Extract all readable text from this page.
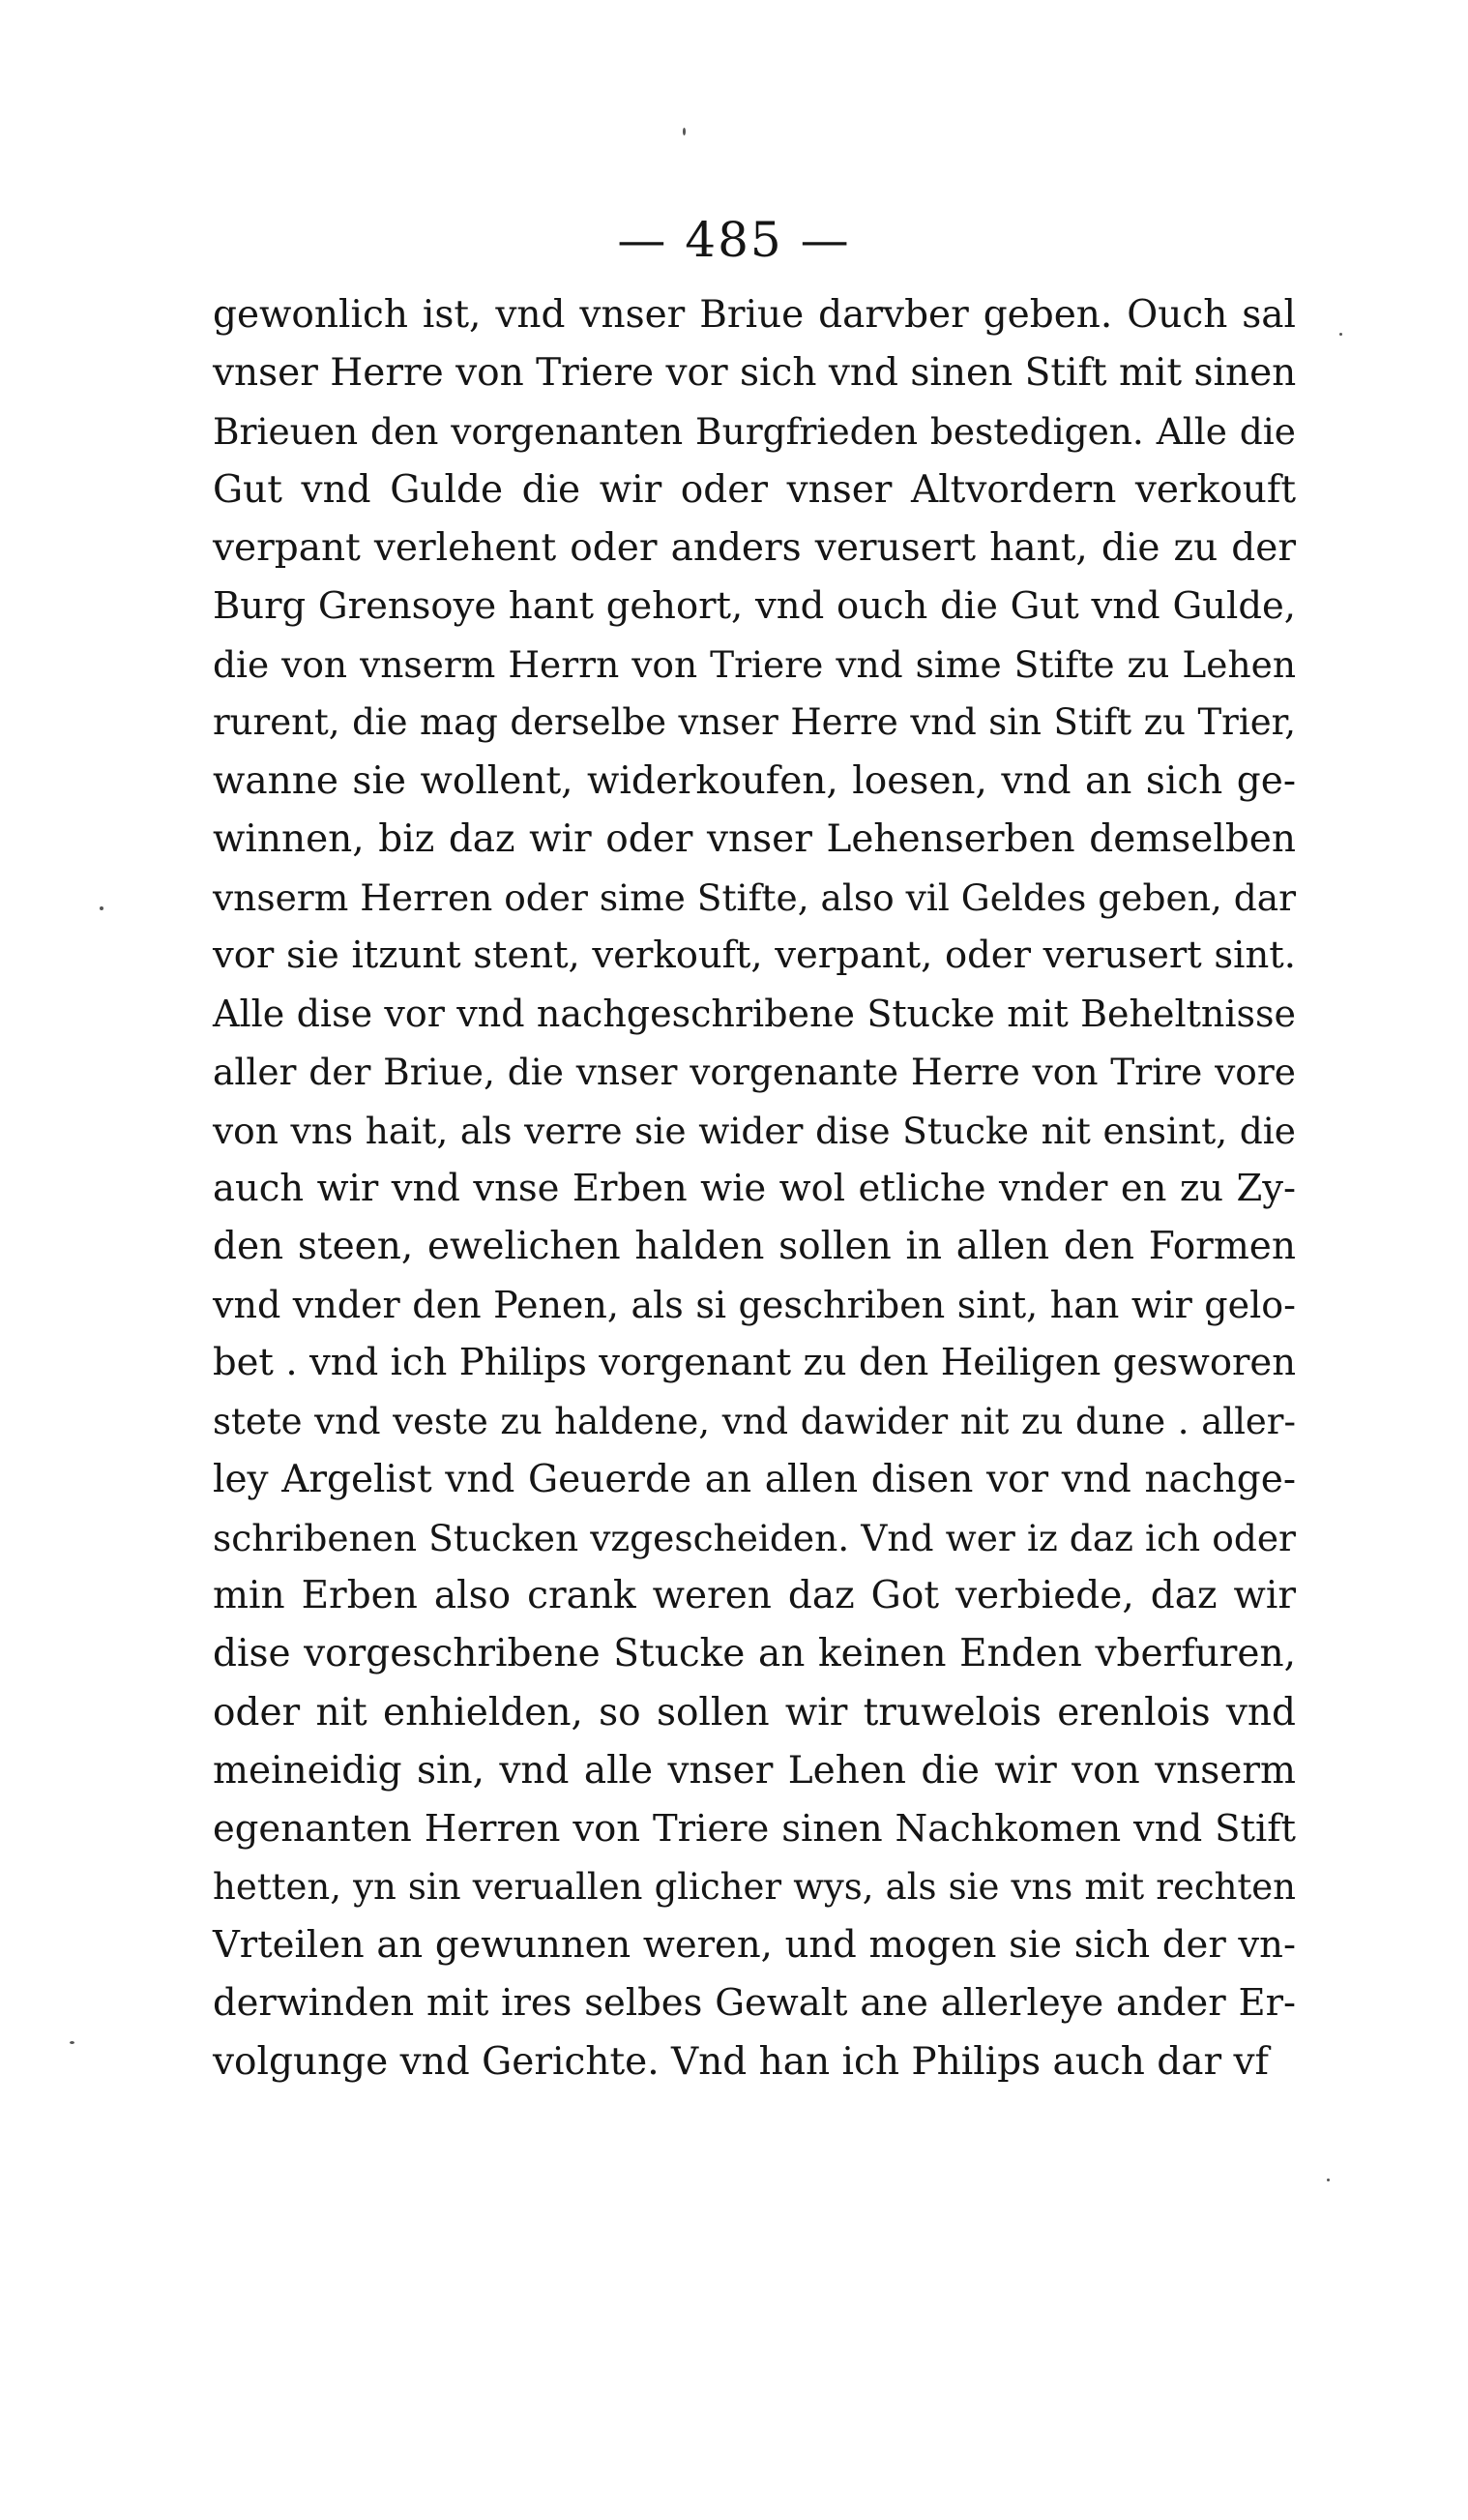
— 485 —
gewonlich ist, vnd vnser Briue darvber geben. Ouch sal
vnser Herre von Triere vor sich vnd sinen Stift mit sinen
Brieuen den vorgenanten Burgfrieden bestedigen. Alle die
Gut vnd Gulde die wir oder vnser Altvordern verkouft
verpant verlehent oder anders verusert hant, die zu der
Burg Grensoye hant gehort, vnd ouch die Gut vnd Gulde,
die von vnserm Herrn von Triere vnd sime Stifte zu Lehen
rurent, die mag derselbe vnser Herre vnd sin Stift zu Trier,
wanne sie wollent, widerkoufen, loesen, vnd an sich ge-
winnen, biz daz wir oder vnser Lehenserben demselben
vnserm Herren oder sime Stifte, also vil Geldes geben, dar
vor sie itzunt stent, verkouft, verpant, oder verusert sint.
Alle dise vor vnd nachgeschribene Stucke mit Beheltnisse
aller der Briue, die vnser vorgenante Herre von Trire vore
von vns hait, als verre sie wider dise Stucke nit ensint, die
auch wir vnd vnse Erben wie wol etliche vnder en zu Zy-
den steen, ewelichen halden sollen in allen den Formen
vnd vnder den Penen, als si geschriben sint, han wir gelo-
bet . vnd ich Philips vorgenant zu den Heiligen gesworen
stete vnd veste zu haldene, vnd dawider nit zu dune . aller-
ley Argelist vnd Geuerde an allen disen vor vnd nachge-
schribenen Stucken vzgescheiden. Vnd wer iz daz ich oder
min Erben also crank weren daz Got verbiede, daz wir
dise vorgeschribene Stucke an keinen Enden vberfuren,
oder nit enhielden, so sollen wir truwelois erenlois vnd
meineidig sin, vnd alle vnser Lehen die wir von vnserm
egenanten Herren von Triere sinen Nachkomen vnd Stift
hetten, yn sin veruallen glicher wys, als sie vns mit rechten
Vrteilen an gewunnen weren, und mogen sie sich der vn-
derwinden mit ires selbes Gewalt ane allerleye ander Er-
volgunge vnd Gerichte. Vnd han ich Philips auch dar vf
